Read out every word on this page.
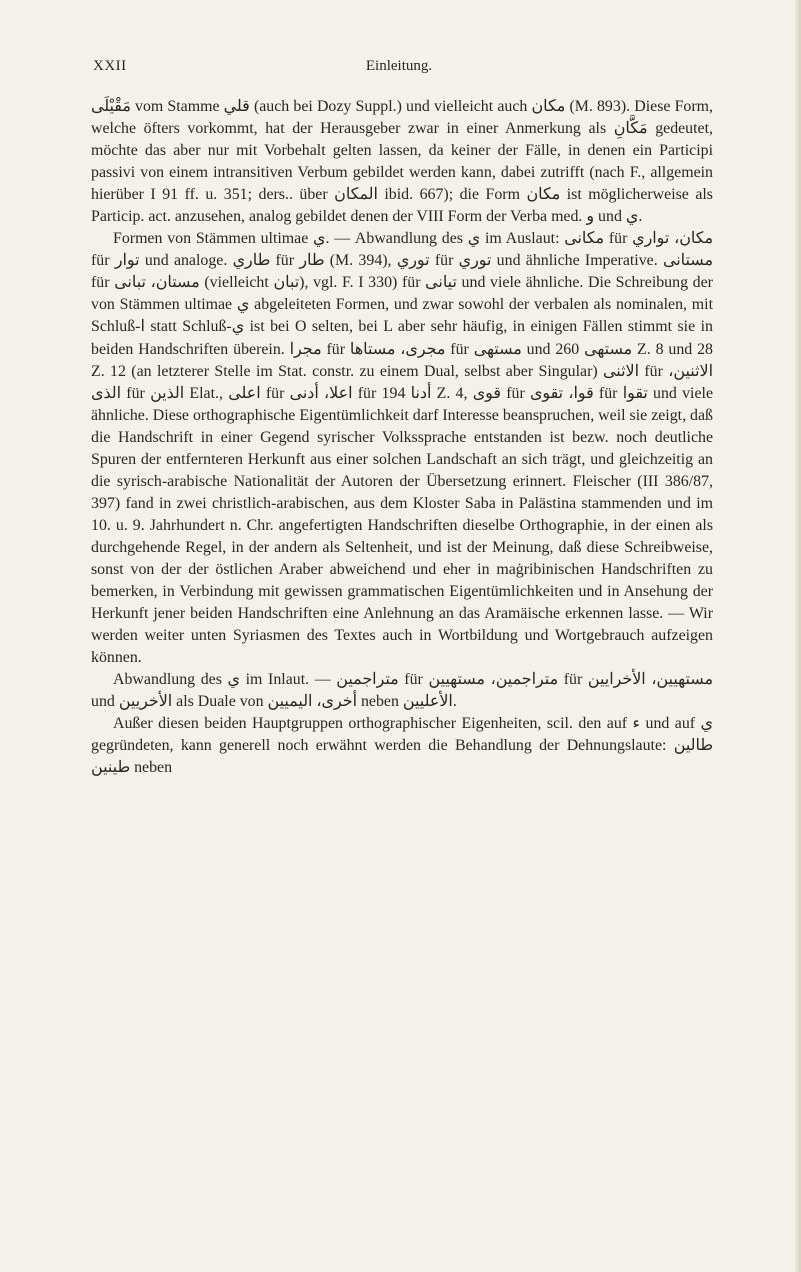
XXII	Einleitung.

مَقْيْلَى vom Stamme قلي (auch bei Dozy Suppl.) und vielleicht auch مكان (M. 893). Diese Form, welche öfters vorkommt, hat der Herausgeber zwar in einer Anmerkung als مَكَّانِ gedeutet, möchte das aber nur mit Vorbehalt gelten lassen, da keiner der Fälle, in denen ein Participi passivi von einem intransitiven Verbum gebildet werden kann, dabei zutrifft (nach F., allgemein hierüber I 91 ff. u. 351; ders.. über المكان ibid. 667); die Form مكان ist möglicherweise als Particip. act. anzusehen, analog gebildet denen der VIII Form der Verba med. و und ي.

Formen von Stämmen ultimae ي. — Abwandlung des ي im Auslaut: مكانى für مكان، تواري für توار und analoge. طاري für طار (M. 394), توري für توري und ähnliche Imperative. مستانى für مستان، تبانى (vielleicht تبان), vgl. F. I 330) für تيانى und viele ähnliche. Die Schreibung der von Stämmen ultimae ي abgeleiteten Formen, und zwar sowohl der verbalen als nominalen, mit Schluß-ا statt Schluß-ي ist bei O selten, bei L aber sehr häufig, in einigen Fällen stimmt sie in beiden Handschriften überein. مجرا für مجرى، مستاها für مستهى und مستهى 260 Z. 8 und 28 Z. 12 (an letzterer Stelle im Stat. constr. zu einem Dual, selbst aber Singular) الاثنى für الاثنين، الذى für الذين Elat., اعلى für اعلا، أدنى für أدنا 194 Z. 4, قوى für قوا، تقوى für تقوا und viele ähnliche. Diese orthographische Eigentümlichkeit darf Interesse beanspruchen, weil sie zeigt, daß die Handschrift in einer Gegend syrischer Volkssprache entstanden ist bezw. noch deutliche Spuren der entfernteren Herkunft aus einer solchen Landschaft an sich trägt, und gleichzeitig an die syrisch-arabische Nationalität der Autoren der Übersetzung erinnert. Fleischer (III 386/87, 397) fand in zwei christlich-arabischen, aus dem Kloster Saba in Palästina stammenden und im 10. u. 9. Jahrhundert n. Chr. angefertigten Handschriften dieselbe Orthographie, in der einen als durchgehende Regel, in der andern als Seltenheit, und ist der Meinung, daß diese Schreibweise, sonst von der der östlichen Araber abweichend und eher in maġribinischen Handschriften zu bemerken, in Verbindung mit gewissen grammatischen Eigentümlichkeiten und in Ansehung der Herkunft jener beiden Handschriften eine Anlehnung an das Aramäische erkennen lasse. — Wir werden weiter unten Syriasmen des Textes auch in Wortbildung und Wortgebrauch aufzeigen können.

Abwandlung des ي im Inlaut. — متراجمين für متراجمين، مستهيين für مستهيين، الأخرايين und الأخريين als Duale von أخرى، اليميين neben الأعليين.

Außer diesen beiden Hauptgruppen orthographischer Eigenheiten, scil. den auf ء und auf ي gegründeten, kann generell noch erwähnt werden die Behandlung der Dehnungslaute: طالين طينين neben
